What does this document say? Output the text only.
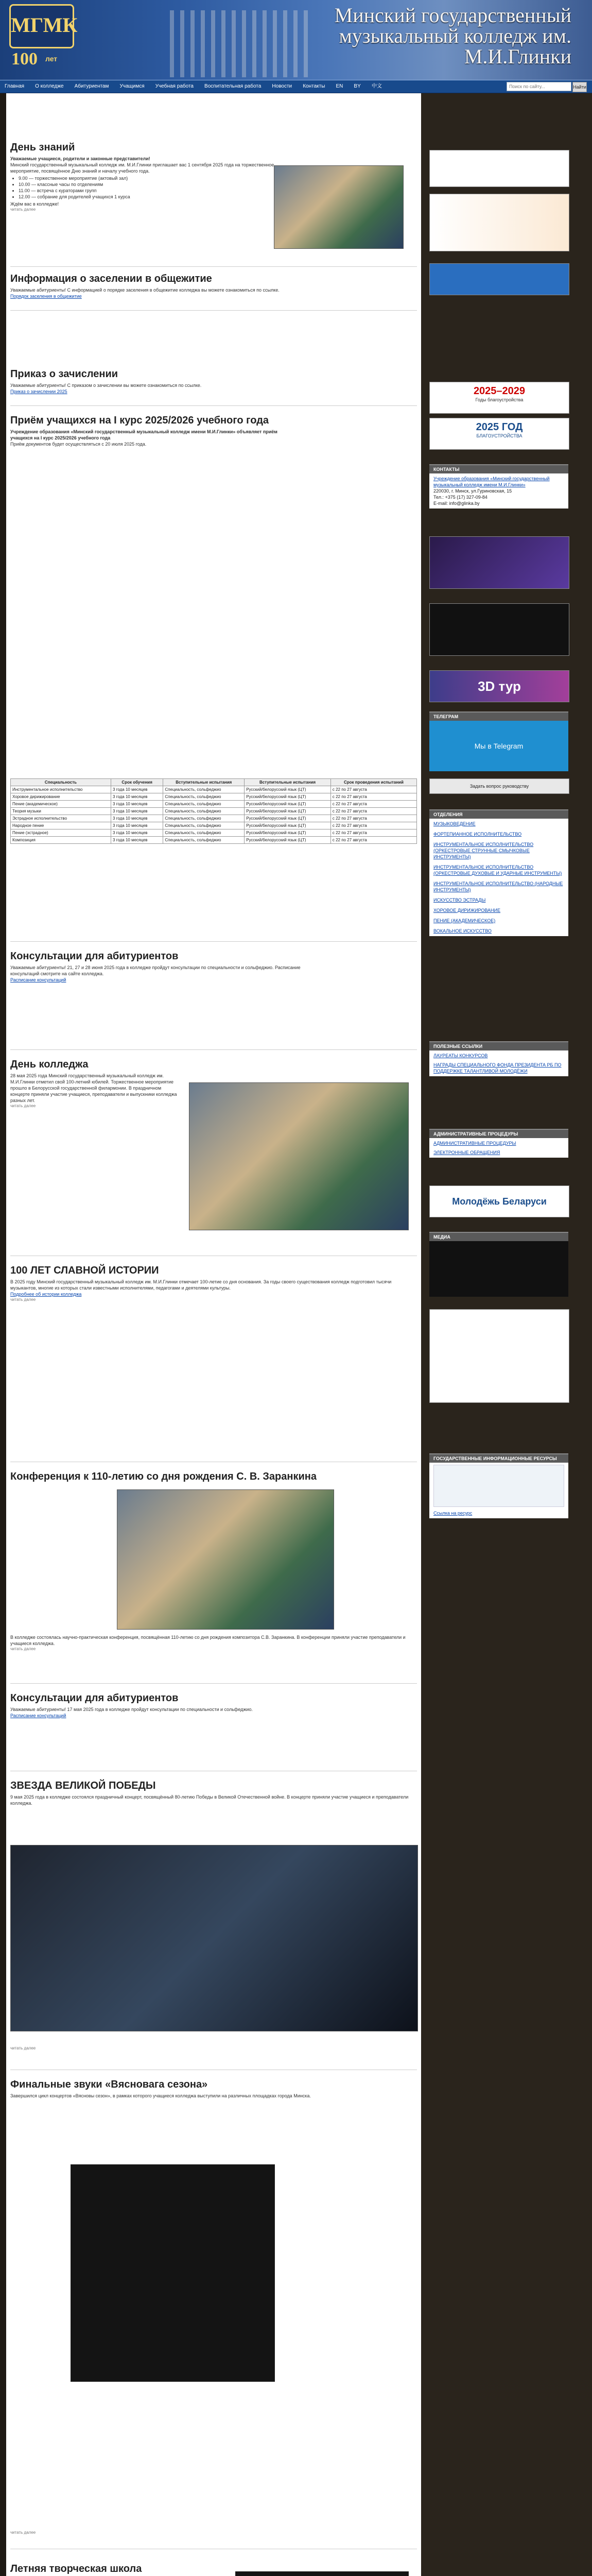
МГМК
100 лет
Минский государственный музыкальный колледж им. М.И.Глинки
Главная О колледже Абитуриентам Учащимся Учебная работа Воспитательная работа Новости Контакты EN BY 中文	Поиск по сайту...	Найти
День знаний
Уважаемые учащиеся, родители и законные представители!
Минский государственный музыкальный колледж им. М.И.Глинки приглашает вас 1 сентября 2025 года на торжественное мероприятие, посвящённое Дню знаний и началу учебного года.
• 9.00 — торжественное мероприятие (актовый зал)
• 10.00 — классные часы по отделениям
• 11.00 — встреча с кураторами групп
• 12.00 — собрание для родителей учащихся 1 курса
Ждём вас в колледже!
читать далее
Информация о заселении в общежитие
Уважаемые абитуриенты! С информацией о порядке заселения в общежитие колледжа вы можете ознакомиться по ссылке.
Порядок заселения в общежитие
Приказ о зачислении
Уважаемые абитуриенты! С приказом о зачислении вы можете ознакомиться по ссылке.
Приказ о зачислении 2025
Приём учащихся на I курс 2025/2026 учебного года
Учреждение образования «Минский государственный музыкальный колледж имени М.И.Глинки» объявляет приём учащихся на I курс 2025/2026 учебного года
Приём документов будет осуществляться с 20 июля 2025 года.
Специальность	Срок обучения	Вступительные испытания	Вступительные испытания	Срок проведения испытаний
Инструментальное исполнительство	3 года 10 месяцев	Специальность, сольфеджио	Русский/белорусский язык (ЦТ)	с 22 по 27 августа
Хоровое дирижирование	3 года 10 месяцев	Специальность, сольфеджио	Русский/белорусский язык (ЦТ)	с 22 по 27 августа
Пение (академическое)	3 года 10 месяцев	Специальность, сольфеджио	Русский/белорусский язык (ЦТ)	с 22 по 27 августа
Теория музыки	3 года 10 месяцев	Специальность, сольфеджио	Русский/белорусский язык (ЦТ)	с 22 по 27 августа
Эстрадное исполнительство	3 года 10 месяцев	Специальность, сольфеджио	Русский/белорусский язык (ЦТ)	с 22 по 27 августа
Народное пение	3 года 10 месяцев	Специальность, сольфеджио	Русский/белорусский язык (ЦТ)	с 22 по 27 августа
Пение (эстрадное)	3 года 10 месяцев	Специальность, сольфеджио	Русский/белорусский язык (ЦТ)	с 22 по 27 августа
Композиция	3 года 10 месяцев	Специальность, сольфеджио	Русский/белорусский язык (ЦТ)	с 22 по 27 августа
Консультации для абитуриентов
Уважаемые абитуриенты! 21, 27 и 28 июня 2025 года в колледже пройдут консультации по специальности и сольфеджио. Расписание консультаций смотрите на сайте колледжа.
Расписание консультаций
День колледжа
28 мая 2025 года Минский государственный музыкальный колледж им. М.И.Глинки отметил свой 100-летний юбилей. Торжественное мероприятие прошло в Белорусской государственной филармонии. В праздничном концерте приняли участие учащиеся, преподаватели и выпускники колледжа разных лет.
читать далее
100 ЛЕТ СЛАВНОЙ ИСТОРИИ
В 2025 году Минский государственный музыкальный колледж им. М.И.Глинки отмечает 100-летие со дня основания. За годы своего существования колледж подготовил тысячи музыкантов, многие из которых стали известными исполнителями, педагогами и деятелями культуры.
Подробнее об истории колледжа
читать далее
Конференция к 110-летию со дня рождения С. В. Заранкина
В колледже состоялась научно-практическая конференция, посвящённая 110-летию со дня рождения композитора С.В. Заранкина. В конференции приняли участие преподаватели и учащиеся колледжа.
читать далее
Консультации для абитуриентов
Уважаемые абитуриенты! 17 мая 2025 года в колледже пройдут консультации по специальности и сольфеджио.
Расписание консультаций
ЗВЕЗДА ВЕЛИКОЙ ПОБЕДЫ
9 мая 2025 года в колледже состоялся праздничный концерт, посвящённый 80-летию Победы в Великой Отечественной войне. В концерте приняли участие учащиеся и преподаватели колледжа.
читать далее
Финальные звуки «Вясновага сезона»
Завершился цикл концертов «Вясновы сезон», в рамках которого учащиеся колледжа выступили на различных площадках города Минска.
читать далее
Летняя творческая школа
2025–2029
Годы благоустройства
2025 ГОД
БЛАГОУСТРОЙСТВА
КОНТАКТЫ
Учреждение образования «Минский государственный музыкальный колледж имени М.И.Глинки»
220030, г. Минск, ул.Гуриновская, 15
Тел.: +375 (17) 327-09-84
E-mail: info@glinka.by
3D тур
ТЕЛЕГРАМ
Мы в Telegram
Задать вопрос руководству
ОТДЕЛЕНИЯ
МУЗЫКОВЕДЕНИЕ
ФОРТЕПИАННОЕ ИСПОЛНИТЕЛЬСТВО
ИНСТРУМЕНТАЛЬНОЕ ИСПОЛНИТЕЛЬСТВО (ОРКЕСТРОВЫЕ СТРУННЫЕ СМЫЧКОВЫЕ ИНСТРУМЕНТЫ)
ИНСТРУМЕНТАЛЬНОЕ ИСПОЛНИТЕЛЬСТВО (ОРКЕСТРОВЫЕ ДУХОВЫЕ И УДАРНЫЕ ИНСТРУМЕНТЫ)
ИНСТРУМЕНТАЛЬНОЕ ИСПОЛНИТЕЛЬСТВО (НАРОДНЫЕ ИНСТРУМЕНТЫ)
ИСКУССТВО ЭСТРАДЫ
ХОРОВОЕ ДИРИЖИРОВАНИЕ
ПЕНИЕ (АКАДЕМИЧЕСКОЕ)
ВОКАЛЬНОЕ ИСКУССТВО
ПОЛЕЗНЫЕ ССЫЛКИ
ЛАУРЕАТЫ КОНКУРСОВ
НАГРАДЫ СПЕЦИАЛЬНОГО ФОНДА ПРЕЗИДЕНТА РБ ПО ПОДДЕРЖКЕ ТАЛАНТЛИВОЙ МОЛОДЁЖИ
АДМИНИСТРАТИВНЫЕ ПРОЦЕДУРЫ
АДМИНИСТРАТИВНЫЕ ПРОЦЕДУРЫ
ЭЛЕКТРОННЫЕ ОБРАЩЕНИЯ
Молодёжь Беларуси
МЕДИА
ГОСУДАРСТВЕННЫЕ ИНФОРМАЦИОННЫЕ РЕСУРСЫ
Ссылка на ресурс
